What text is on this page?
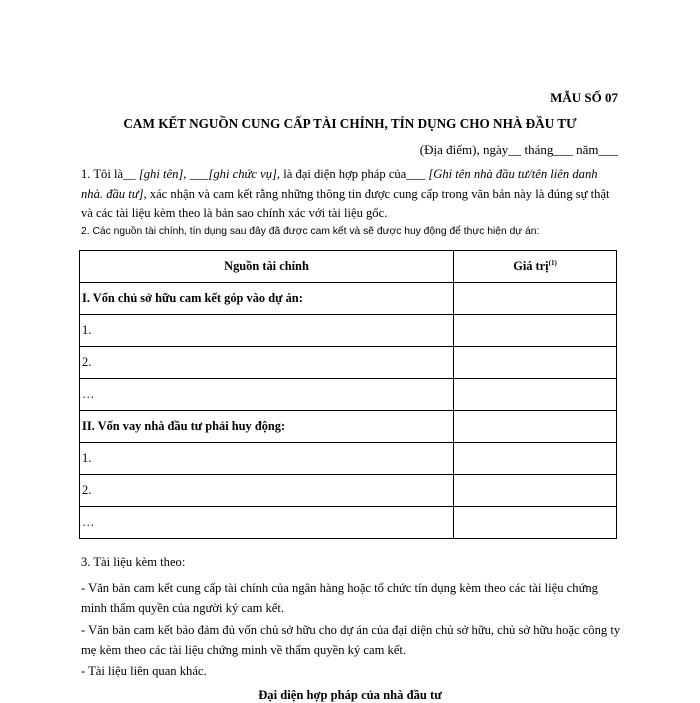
MẪU SỐ 07
CAM KẾT NGUỒN CUNG CẤP TÀI CHÍNH, TÍN DỤNG CHO NHÀ ĐẦU TƯ
(Địa điểm), ngày__ tháng___ năm___
1. Tôi là__ [ghi tên], ___[ghi chức vụ], là đại diện hợp pháp của___ [Ghi tên nhà đầu tư/tên liên danh nhà. đầu tư], xác nhận và cam kết rằng những thông tin được cung cấp trong văn bản này là đúng sự thật và các tài liệu kèm theo là bản sao chính xác với tài liệu gốc.
2. Các nguồn tài chính, tín dụng sau đây đã được cam kết và sẽ được huy động để thực hiện dự án:
Nguồn tài chính	Giá trị$^{(1)}$
I. Vốn chủ sở hữu cam kết góp vào dự án:	
1.	
2.	
…	
II. Vốn vay nhà đầu tư phải huy động:	
1.	
2.	
…	
3. Tài liệu kèm theo:
- Văn bản cam kết cung cấp tài chính của ngân hàng hoặc tổ chức tín dụng kèm theo các tài liệu chứng minh thẩm quyền của người ký cam kết.
- Văn bản cam kết bảo đảm đủ vốn chủ sở hữu cho dự án của đại diện chủ sở hữu, chủ sở hữu hoặc công ty mẹ kèm theo các tài liệu chứng minh về thẩm quyền ký cam kết.
- Tài liệu liên quan khác.
Đại diện hợp pháp của nhà đầu tư
